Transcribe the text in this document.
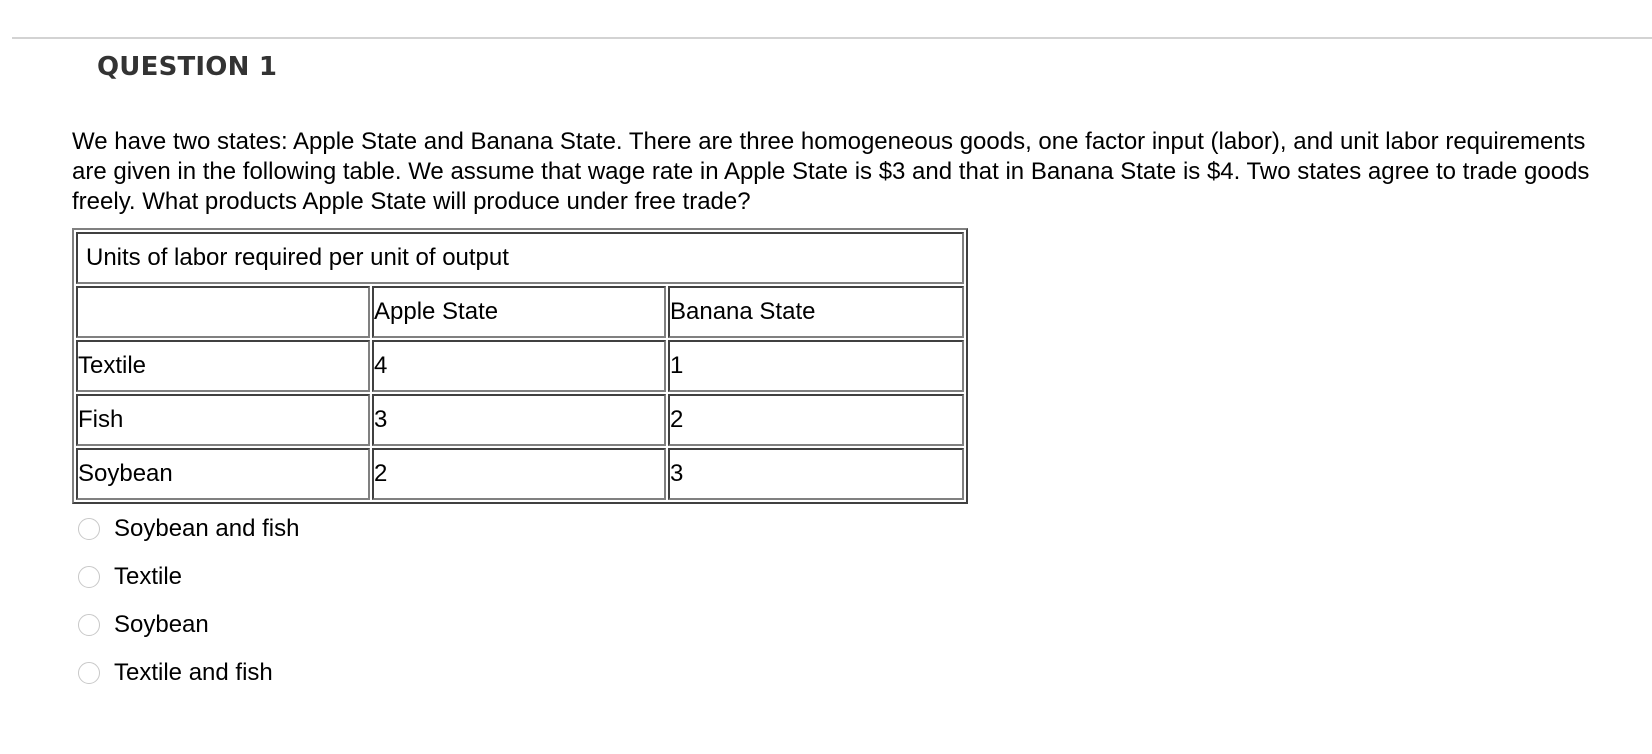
QUESTION 1
We have two states: Apple State and Banana State. There are three homogeneous goods, one factor input (labor), and unit labor requirements are given in the following table. We assume that wage rate in Apple State is $3 and that in Banana State is $4. Two states agree to trade goods freely. What products Apple State will produce under free trade?
Units of labor required per unit of output		
	Apple State	Banana State
Textile	4	1
Fish	3	2
Soybean	2	3
Soybean and fish
Textile
Soybean
Textile and fish
